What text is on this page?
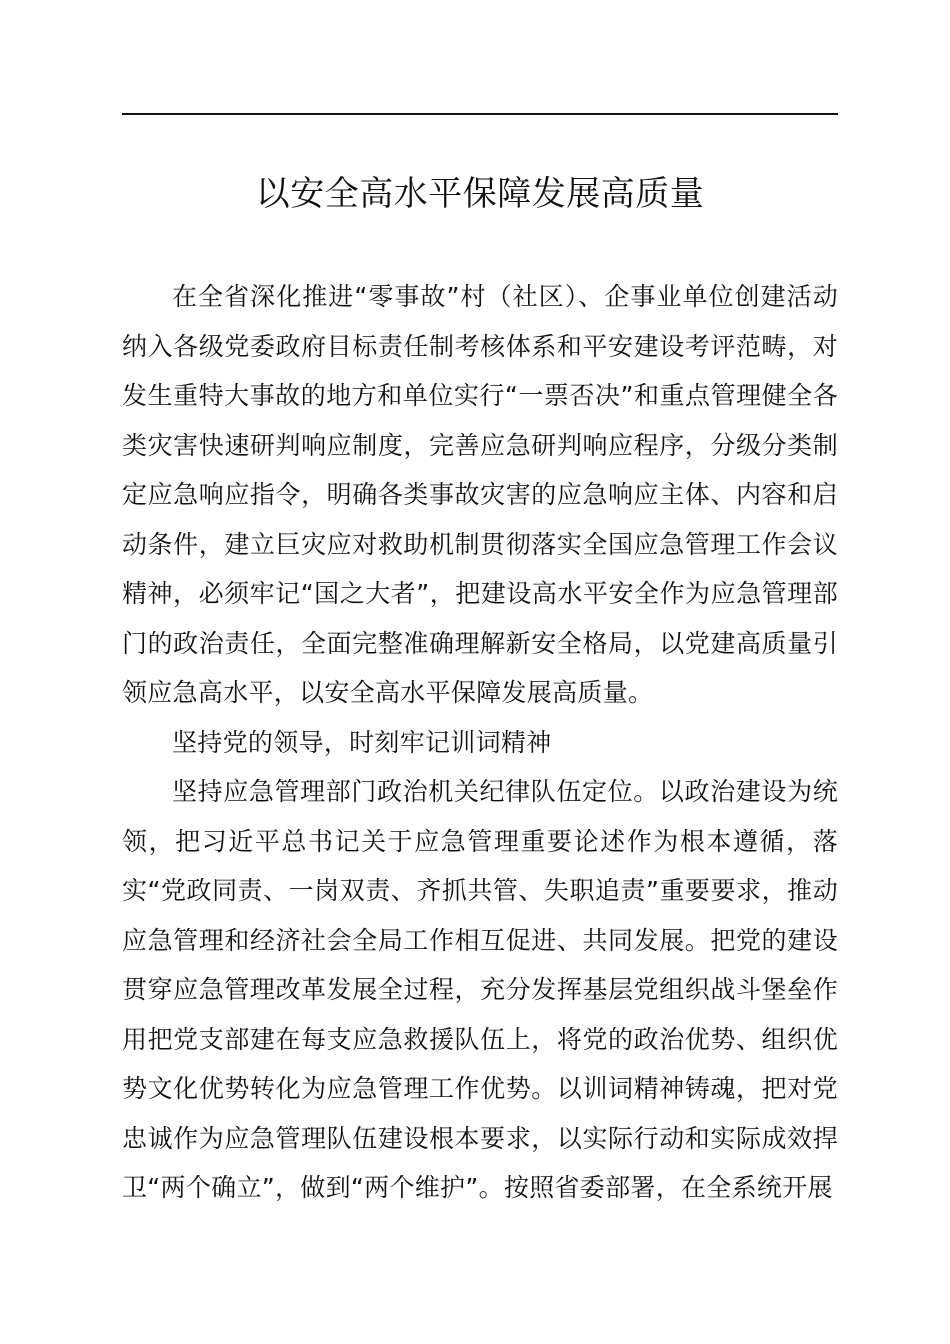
以安全高水平保障发展高质量

在全省深化推进“零事故”村（社区）、企事业单位创建活动纳入各级党委政府目标责任制考核体系和平安建设考评范畴，对发生重特大事故的地方和单位实行“一票否决”和重点管理健全各类灾害快速研判响应制度，完善应急研判响应程序，分级分类制定应急响应指令，明确各类事故灾害的应急响应主体、内容和启动条件，建立巨灾应对救助机制贯彻落实全国应急管理工作会议精神，必须牢记“国之大者”，把建设高水平安全作为应急管理部门的政治责任，全面完整准确理解新安全格局，以党建高质量引领应急高水平，以安全高水平保障发展高质量。

坚持党的领导，时刻牢记训词精神

坚持应急管理部门政治机关纪律队伍定位。以政治建设为统领，把习近平总书记关于应急管理重要论述作为根本遵循，落实“党政同责、一岗双责、齐抓共管、失职追责”重要要求，推动应急管理和经济社会全局工作相互促进、共同发展。把党的建设贯穿应急管理改革发展全过程，充分发挥基层党组织战斗堡垒作用把党支部建在每支应急救援队伍上，将党的政治优势、组织优势文化优势转化为应急管理工作优势。以训词精神铸魂，把对党忠诚作为应急管理队伍建设根本要求，以实际行动和实际成效捍卫“两个确立”，做到“两个维护”。按照省委部署，在全系统开展
